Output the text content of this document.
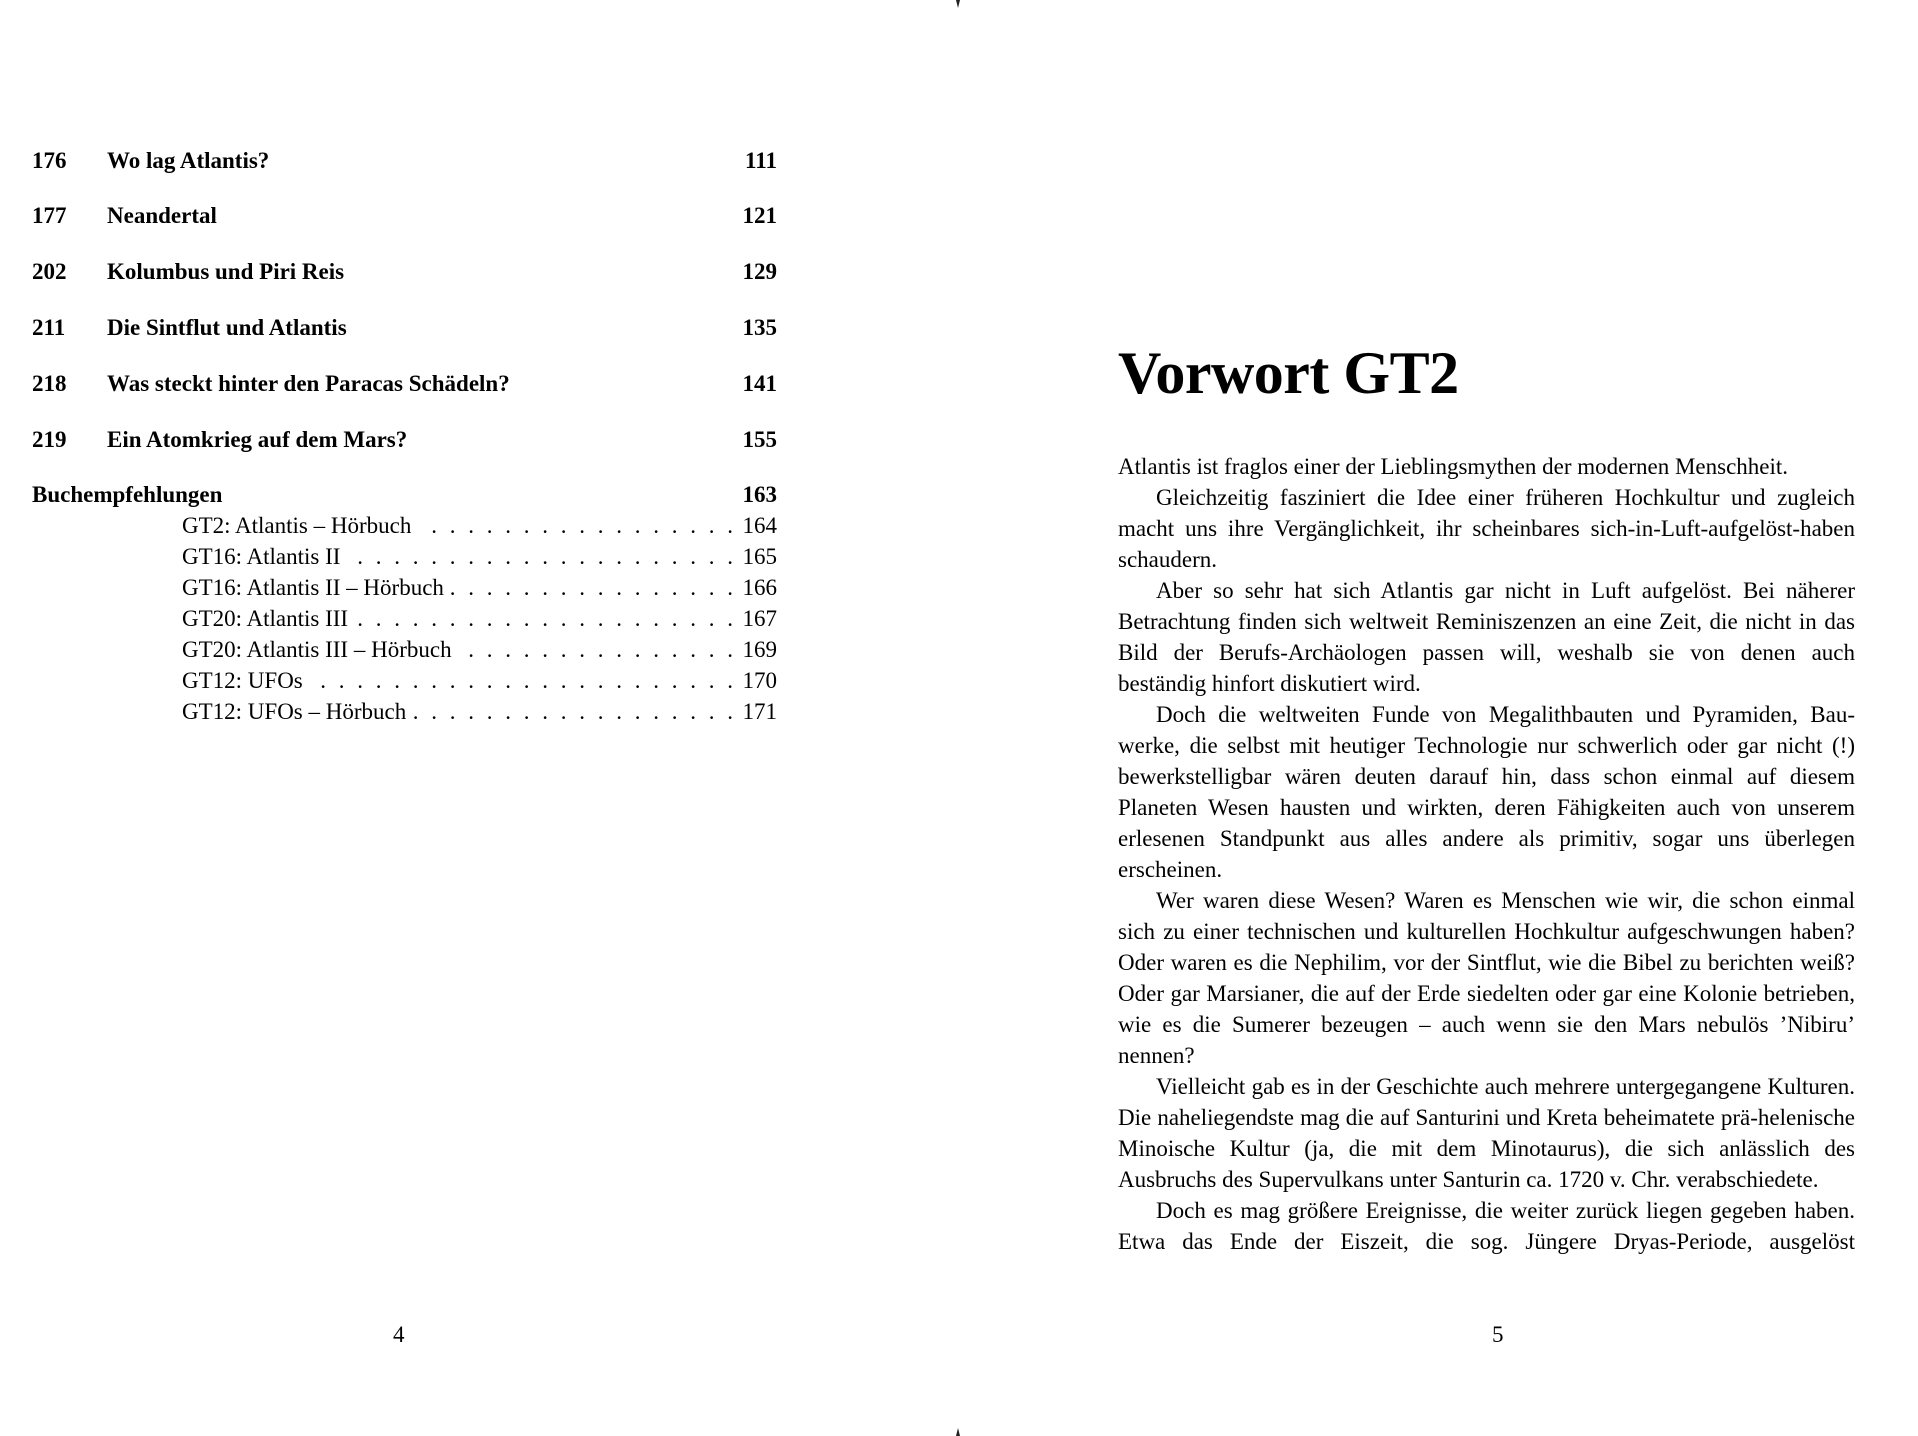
176 Wo lag Atlantis?	111
177 Neandertal	121
202 Kolumbus und Piri Reis	129
211 Die Sintflut und Atlantis	135
218 Was steckt hinter den Paracas Schädeln?	141
219 Ein Atomkrieg auf dem Mars?	155
Buchempfehlungen	163
GT2: Atlantis – Hörbuch . . .	164
GT16: Atlantis II . . .	165
GT16: Atlantis II – Hörbuch . . .	166
GT20: Atlantis III . . .	167
GT20: Atlantis III – Hörbuch . . .	169
GT12: UFOs . . .	170
GT12: UFOs – Hörbuch . . .	171
4
Vorwort GT2

Atlantis ist fraglos einer der Lieblingsmythen der modernen Menschheit.

Gleichzeitig fasziniert die Idee einer früheren Hochkultur und zugleich macht uns ihre Vergänglichkeit, ihr scheinbares sich-in-Luft-aufgelöst-haben schaudern.

Aber so sehr hat sich Atlantis gar nicht in Luft aufgelöst. Bei näherer Betrachtung finden sich weltweit Reminiszenzen an eine Zeit, die nicht in das Bild der Berufs-Archäologen passen will, weshalb sie von denen auch beständig hinfort diskutiert wird.

Doch die weltweiten Funde von Megalithbauten und Pyramiden, Bauwerke, die selbst mit heutiger Technologie nur schwerlich oder gar nicht (!) bewerkstelligbar wären deuten darauf hin, dass schon einmal auf diesem Planeten Wesen hausten und wirkten, deren Fähigkeiten auch von unserem erlesenen Standpunkt aus alles andere als primitiv, sogar uns überlegen erscheinen.

Wer waren diese Wesen? Waren es Menschen wie wir, die schon einmal sich zu einer technischen und kulturellen Hochkultur aufgeschwungen haben? Oder waren es die Nephilim, vor der Sintflut, wie die Bibel zu berichten weiß? Oder gar Marsianer, die auf der Erde siedelten oder gar eine Kolonie betrieben, wie es die Sumerer bezeugen – auch wenn sie den Mars nebulös ’Nibiru’ nennen?

Vielleicht gab es in der Geschichte auch mehrere untergegangene Kulturen. Die naheliegendste mag die auf Santurini und Kreta beheimatete prä-helenische Minoische Kultur (ja, die mit dem Minotaurus), die sich anlässlich des Ausbruchs des Supervulkans unter Santurin ca. 1720 v. Chr. verabschiedete.

Doch es mag größere Ereignisse, die weiter zurück liegen gegeben haben. Etwa das Ende der Eiszeit, die sog. Jüngere Dryas-Periode, ausgelöst

5
